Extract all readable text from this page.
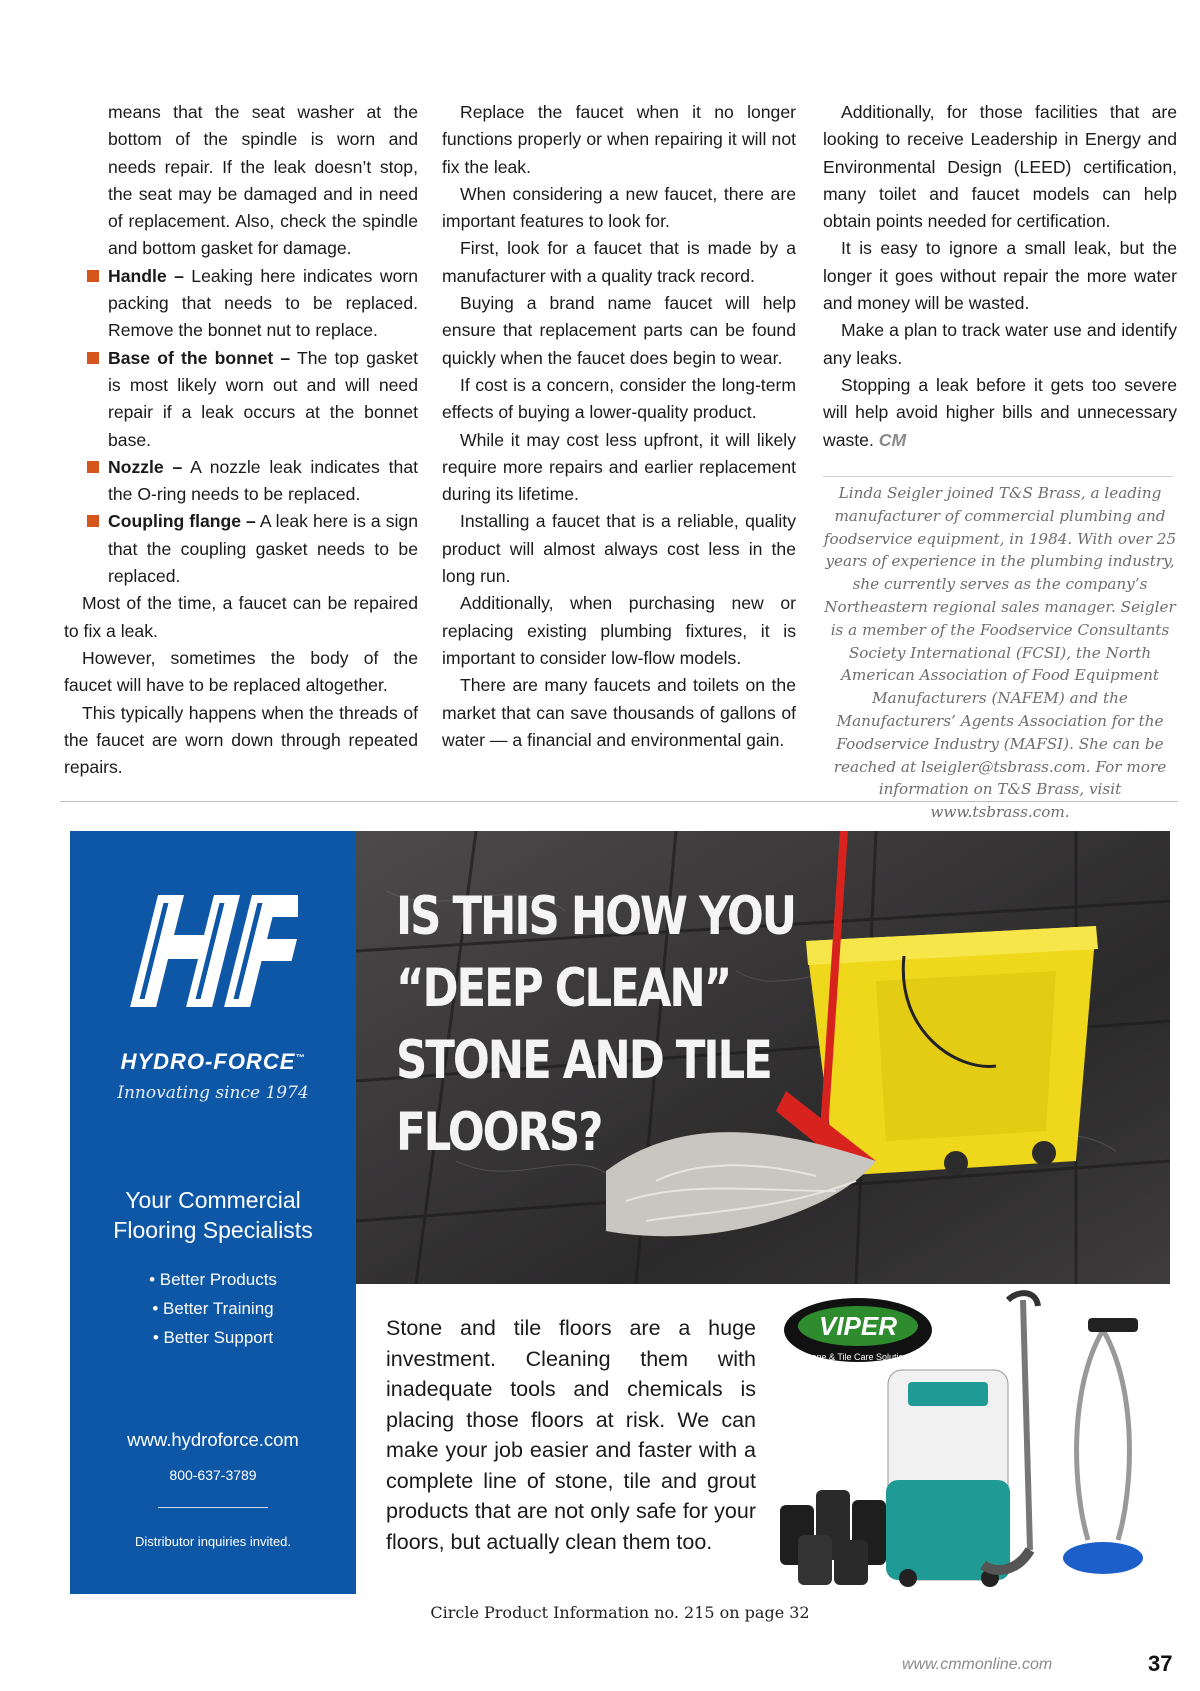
means that the seat washer at the bottom of the spindle is worn and needs repair. If the leak doesn’t stop, the seat may be damaged and in need of replacement. Also, check the spindle and bottom gasket for damage.

Handle – Leaking here indicates worn packing that needs to be replaced. Remove the bonnet nut to replace.

Base of the bonnet – The top gasket is most likely worn out and will need repair if a leak occurs at the bonnet base.

Nozzle – A nozzle leak indicates that the O-ring needs to be replaced.

Coupling flange – A leak here is a sign that the coupling gasket needs to be replaced.

Most of the time, a faucet can be repaired to fix a leak.

However, sometimes the body of the faucet will have to be replaced altogether.

This typically happens when the threads of the faucet are worn down through repeated repairs.

Replace the faucet when it no longer functions properly or when repairing it will not fix the leak.

When considering a new faucet, there are important features to look for.

First, look for a faucet that is made by a manufacturer with a quality track record.

Buying a brand name faucet will help ensure that replacement parts can be found quickly when the faucet does begin to wear.

If cost is a concern, consider the long-term effects of buying a lower-quality product.

While it may cost less upfront, it will likely require more repairs and earlier replacement during its lifetime.

Installing a faucet that is a reliable, quality product will almost always cost less in the long run.

Additionally, when purchasing new or replacing existing plumbing fixtures, it is important to consider low-flow models.

There are many faucets and toilets on the market that can save thousands of gallons of water — a financial and environmental gain.

Additionally, for those facilities that are looking to receive Leadership in Energy and Environmental Design (LEED) certification, many toilet and faucet models can help obtain points needed for certification.

It is easy to ignore a small leak, but the longer it goes without repair the more water and money will be wasted.

Make a plan to track water use and identify any leaks.

Stopping a leak before it gets too severe will help avoid higher bills and unnecessary waste. CM

Linda Seigler joined T&S Brass, a leading manufacturer of commercial plumbing and foodservice equipment, in 1984. With over 25 years of experience in the plumbing industry, she currently serves as the company’s Northeastern regional sales manager. Seigler is a member of the Foodservice Consultants Society International (FCSI), the North American Association of Food Equipment Manufacturers (NAFEM) and the Manufacturers’ Agents Association for the Foodservice Industry (MAFSI). She can be reached at lseigler@tsbrass.com. For more information on T&S Brass, visit www.tsbrass.com.

HYDRO-FORCE™
Innovating since 1974
Your Commercial
Flooring Specialists
• Better Products
• Better Training
• Better Support
www.hydroforce.com
800-637-3789
Distributor inquiries invited.
IS THIS HOW YOU
“DEEP CLEAN”
STONE AND TILE
FLOORS?
Stone and tile floors are a huge investment. Cleaning them with inadequate tools and chemicals is placing those floors at risk. We can make your job easier and faster with a complete line of stone, tile and grout products that are not only safe for your floors, but actually clean them too.
VIPER
Stone & Tile Care Solutions
Circle Product Information no. 215 on page 32
www.cmmonline.com	37
